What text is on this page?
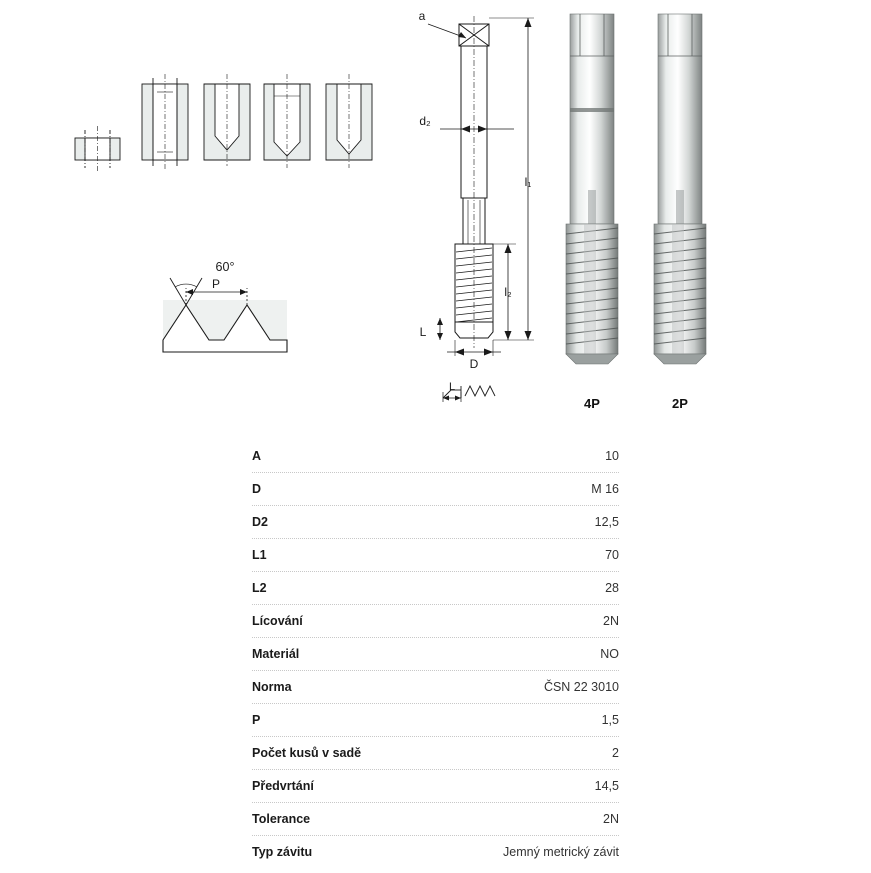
60°
P
a
d₂
l₁
l₂
L
D
L
4P	2P
A	10
D	M 16
D2	12,5
L1	70
L2	28
Lícování	2N
Materiál	NO
Norma	ČSN 22 3010
P	1,5
Počet kusů v sadě	2
Předvrtání	14,5
Tolerance	2N
Typ závitu	Jemný metrický závit
